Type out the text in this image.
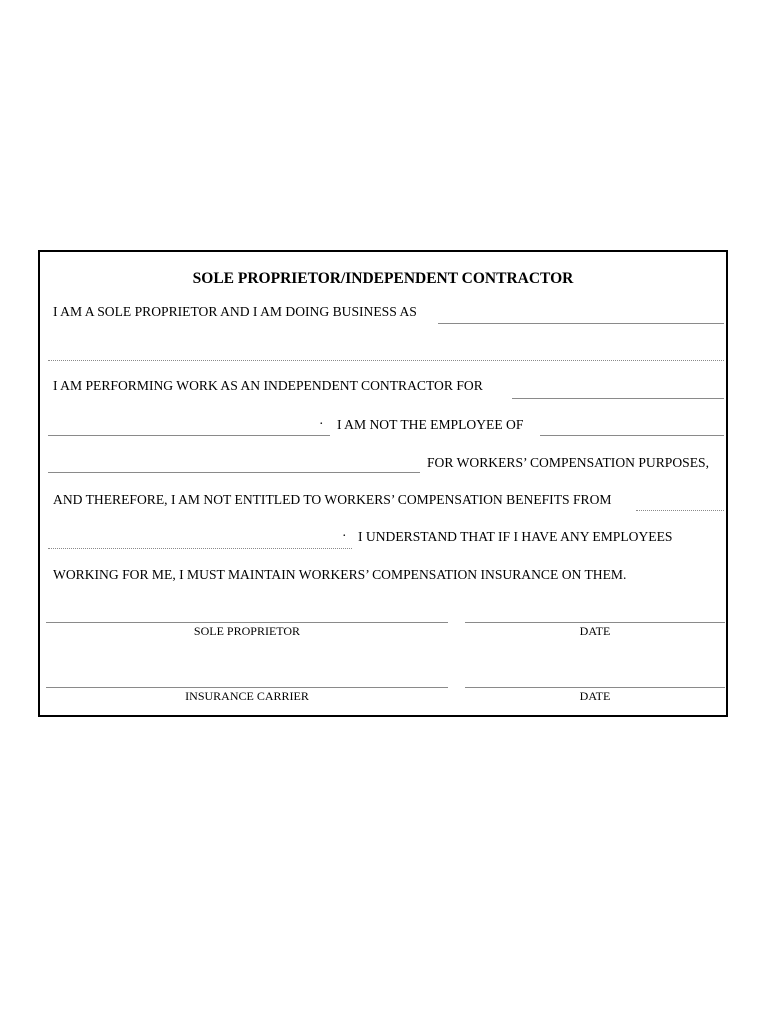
SOLE PROPRIETOR/INDEPENDENT CONTRACTOR
I AM A SOLE PROPRIETOR AND I AM DOING BUSINESS AS
I AM PERFORMING WORK AS AN INDEPENDENT CONTRACTOR FOR
· I AM NOT THE EMPLOYEE OF
FOR WORKERS’ COMPENSATION PURPOSES,
AND THEREFORE, I AM NOT ENTITLED TO WORKERS’ COMPENSATION BENEFITS FROM
· I UNDERSTAND THAT IF I HAVE ANY EMPLOYEES
WORKING FOR ME, I MUST MAINTAIN WORKERS’ COMPENSATION INSURANCE ON THEM.
SOLE PROPRIETOR	DATE
INSURANCE CARRIER	DATE
